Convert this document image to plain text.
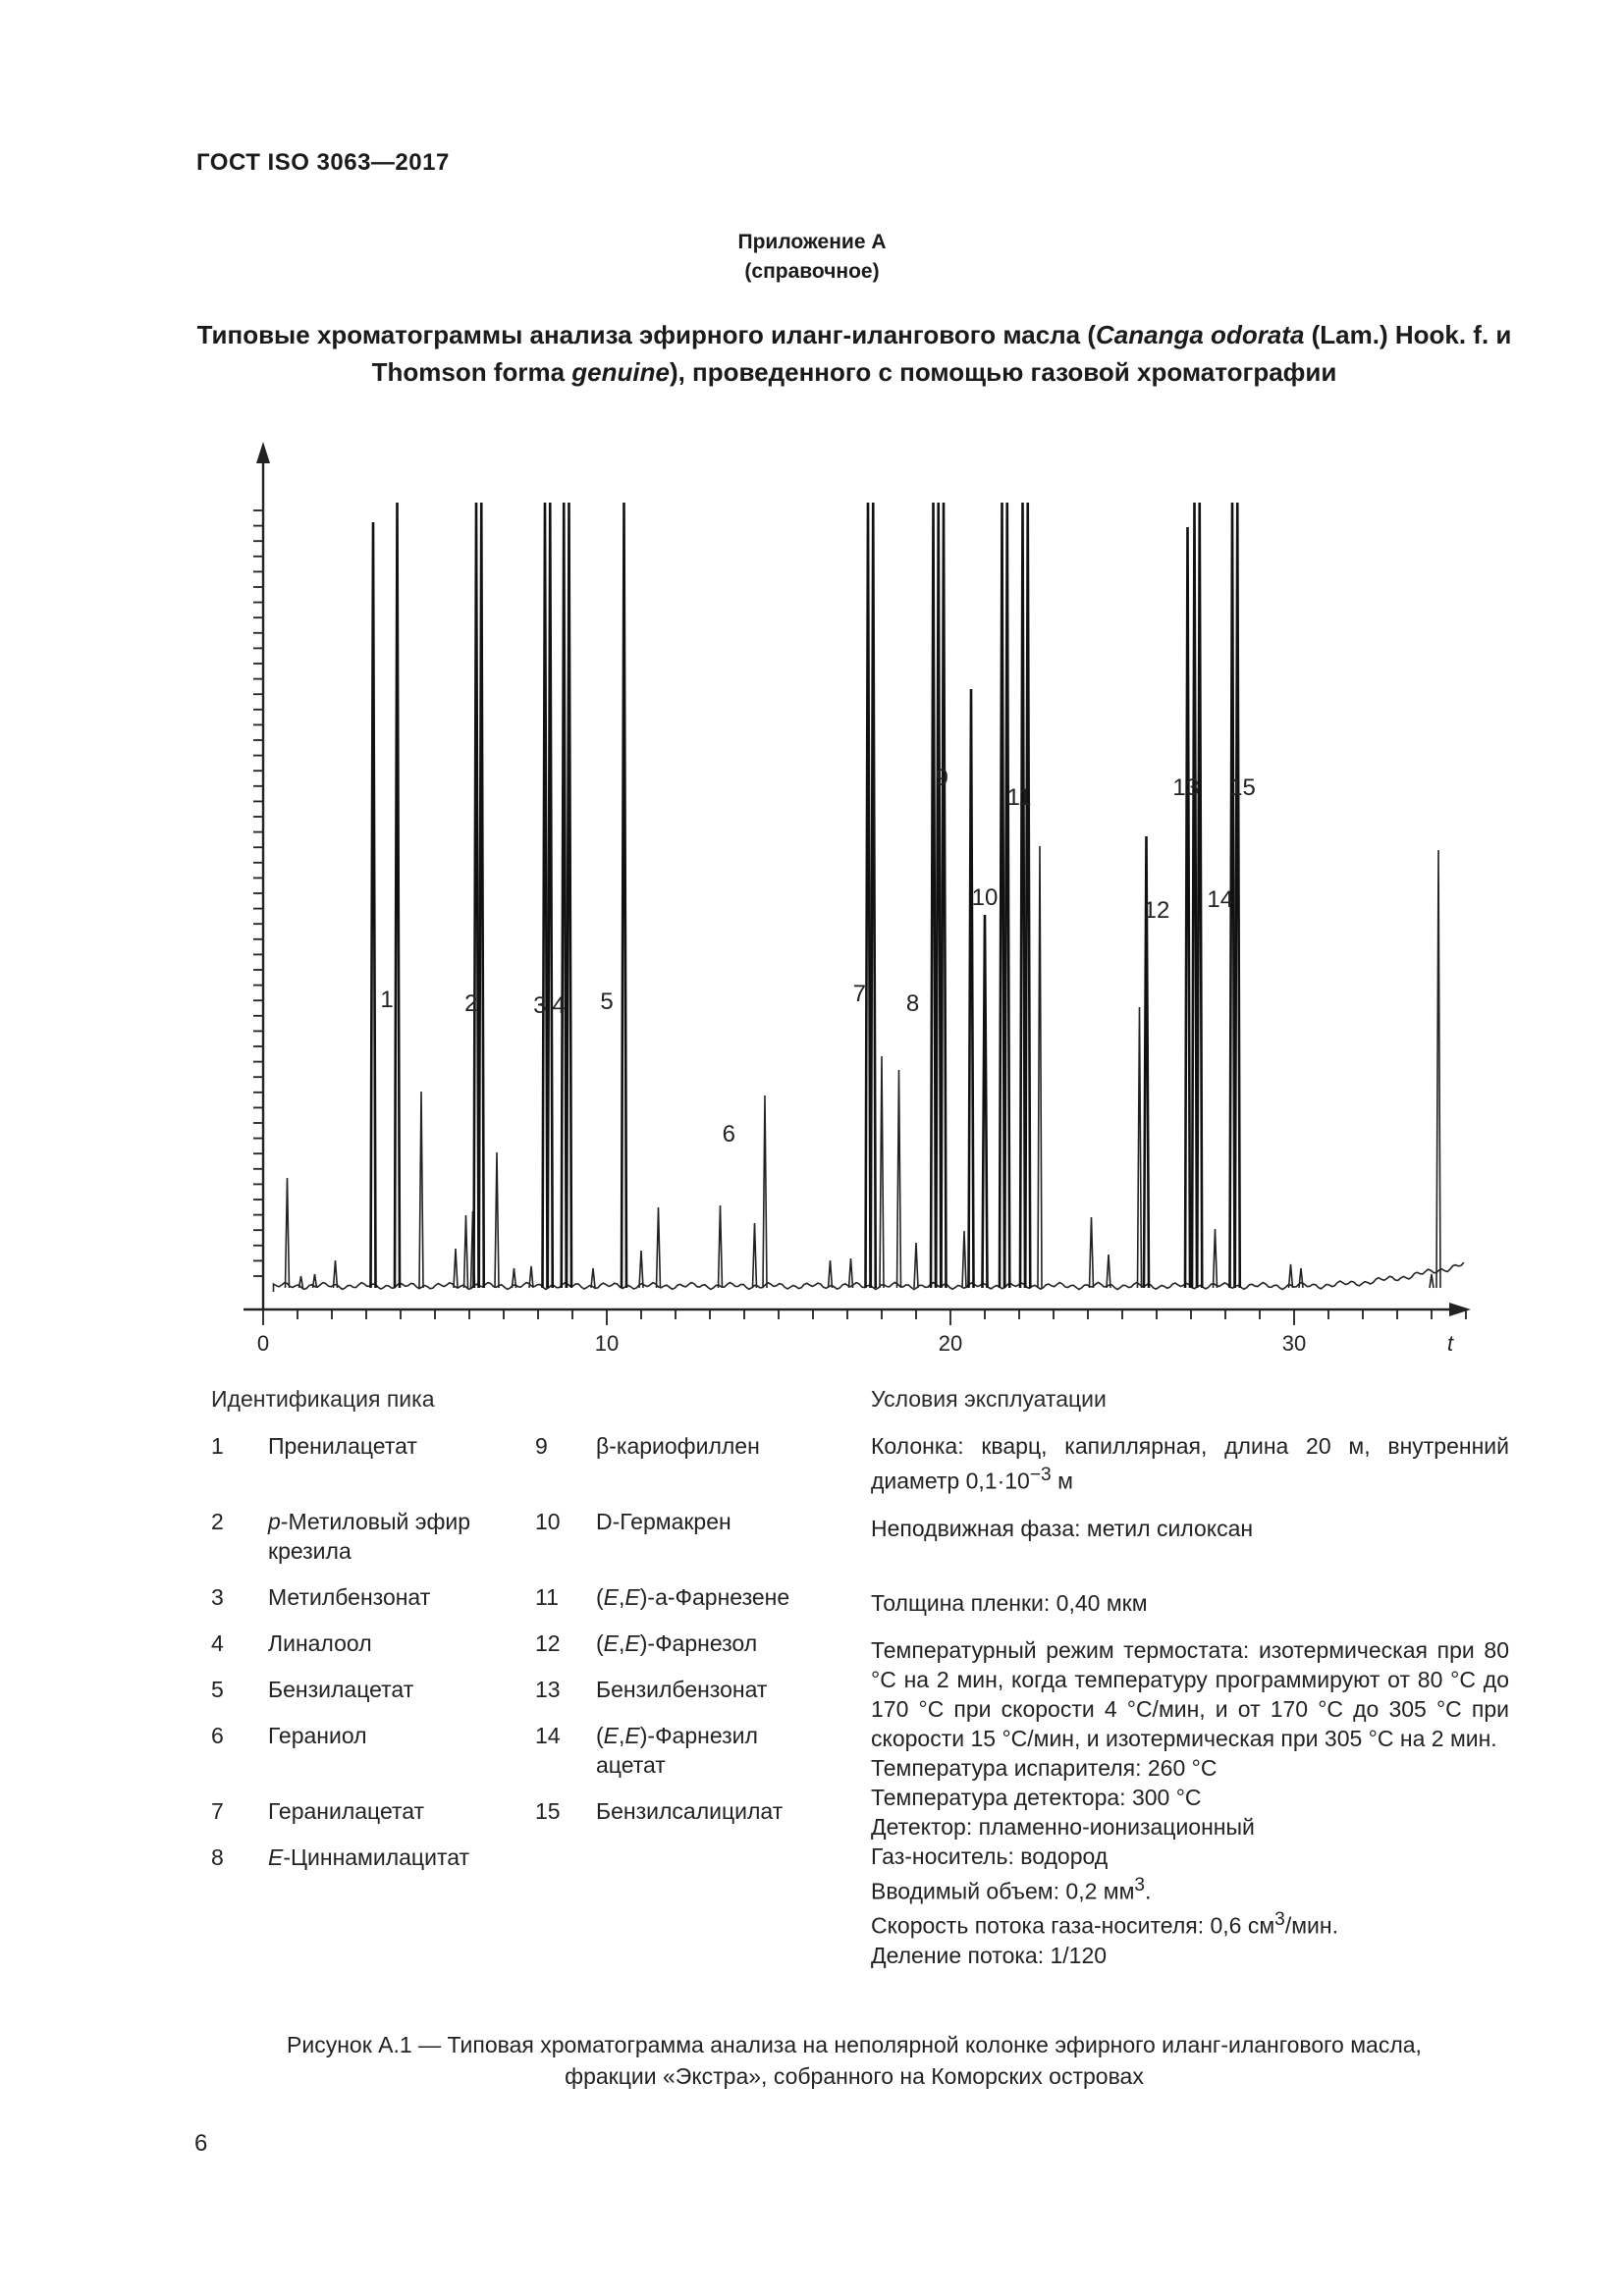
ГОСТ ISO 3063—2017
Приложение А
(справочное)
Типовые хроматограммы анализа эфирного иланг-илангового масла (Cananga odorata (Lam.) Hook. f. и Thomson forma genuine), проведенного с помощью газовой хроматографии
1	2 3 4 5
6
7 8
9
10
11
12
13
14
15
0	10	20	30	t
Идентификация пика	Условия эксплуатации
1 Пренилацетат
2 p-Метиловый эфир крезила
3 Метилбензонат
4 Линалоол
5 Бензилацетат
6 Гераниол
7 Геранилацетат
8 E-Циннамилацитат
9 β-кариофиллен
10 D-Гермакрен
11 (E,E)-а-Фарнезене
12 (E,E)-Фарнезол
13 Бензилбензонат
14 (E,E)-Фарнезил ацетат
15 Бензилсалицилат

Колонка: кварц, капиллярная, длина 20 м, внутренний диаметр $0,1\cdot 10^{-3}$ м

Неподвижная фаза: метил силоксан

Толщина пленки: 0,40 мкм

Температурный режим термостата: изотермическая при 80 °С на 2 мин, когда температуру программируют от 80 °С до 170 °С при скорости 4 °С/мин, и от 170 °С до 305 °С при скорости 15 °С/мин, и изотермическая при 305 °С на 2 мин.

Температура испарителя: 260 °С

Температура детектора: 300 °С

Детектор: пламенно-ионизационный

Газ-носитель: водород

Вводимый объем: 0,2 $мм^3$.

Скорость потока газа-носителя: 0,6 $см^3$/мин.

Деление потока: 1/120

Рисунок А.1 — Типовая хроматограмма анализа на неполярной колонке эфирного иланг-илангового масла,
фракции «Экстра», собранного на Коморских островах
6
